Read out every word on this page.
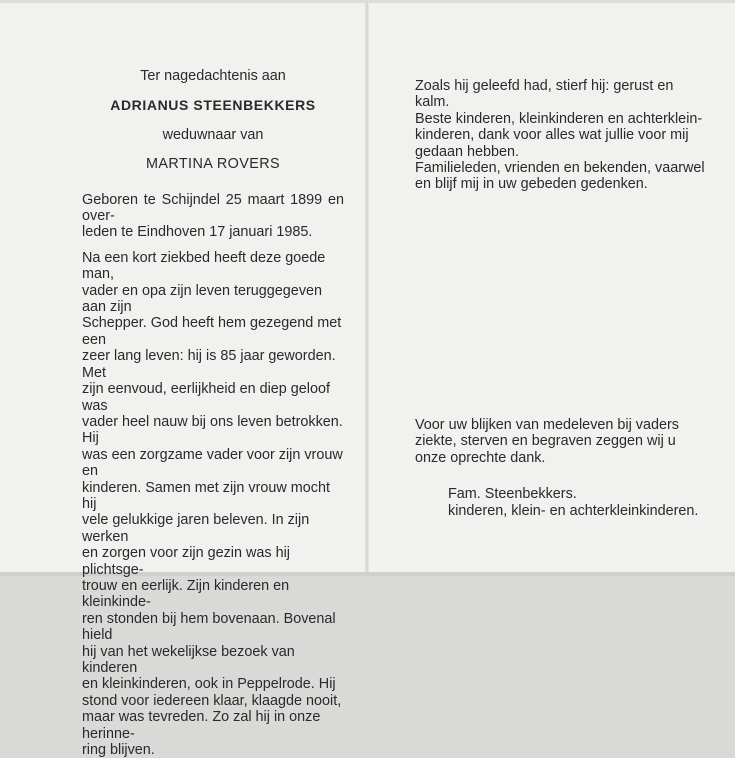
Ter nagedachtenis aan

ADRIANUS STEENBEKKERS

weduwnaar van

MARTINA ROVERS

Geboren te Schijndel 25 maart 1899 en over-
leden te Eindhoven 17 januari 1985.
Na een kort ziekbed heeft deze goede man,
vader en opa zijn leven teruggegeven aan zijn
Schepper. God heeft hem gezegend met een
zeer lang leven: hij is 85 jaar geworden. Met
zijn eenvoud, eerlijkheid en diep geloof was
vader heel nauw bij ons leven betrokken. Hij
was een zorgzame vader voor zijn vrouw en
kinderen. Samen met zijn vrouw mocht hij
vele gelukkige jaren beleven. In zijn werken
en zorgen voor zijn gezin was hij plichtsge-
trouw en eerlijk. Zijn kinderen en kleinkinde-
ren stonden bij hem bovenaan. Bovenal hield
hij van het wekelijkse bezoek van kinderen
en kleinkinderen, ook in Peppelrode. Hij
stond voor iedereen klaar, klaagde nooit,
maar was tevreden. Zo zal hij in onze herinne-
ring blijven.
Zoals hij geleefd had, stierf hij: gerust en
kalm.
Beste kinderen, kleinkinderen en achterklein-
kinderen, dank voor alles wat jullie voor mij
gedaan hebben.
Familieleden, vrienden en bekenden, vaarwel
en blijf mij in uw gebeden gedenken.
Voor uw blijken van medeleven bij vaders
ziekte, sterven en begraven zeggen wij u
onze oprechte dank.
Fam. Steenbekkers.
kinderen, klein- en achterkleinkinderen.
